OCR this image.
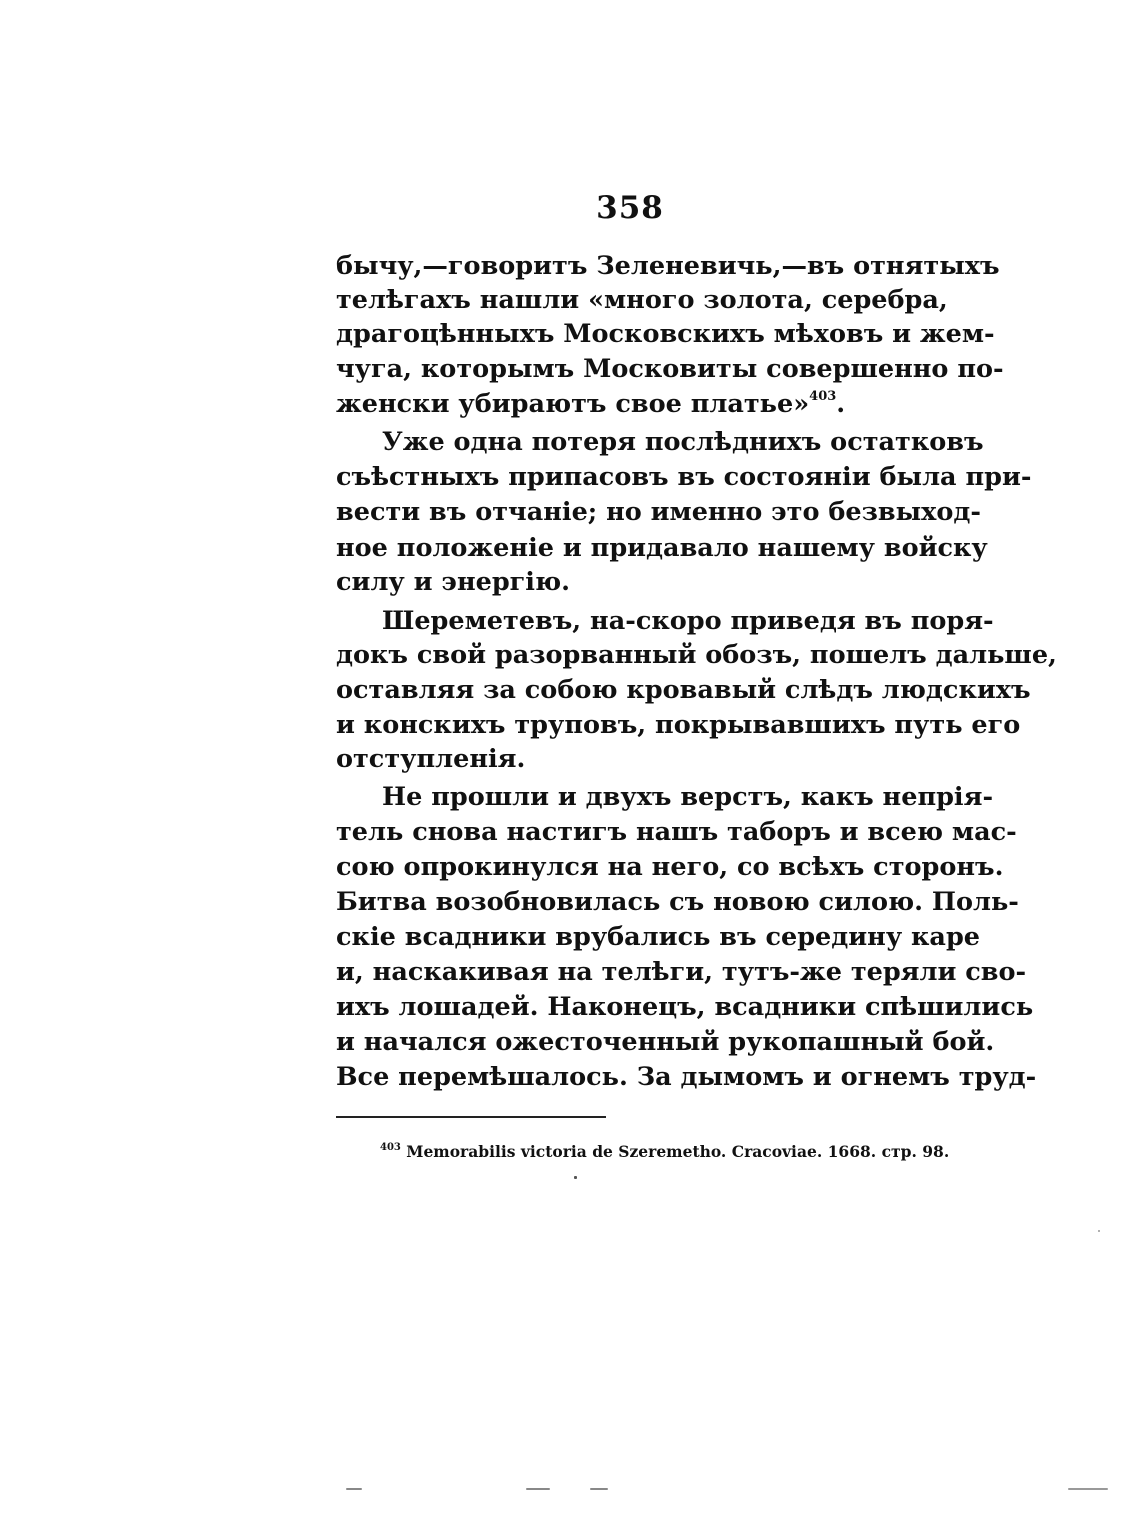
358
бычу,—говоритъ Зеленевичь,—въ отнятыхъ
телѣгахъ нашли «много золота, серебра,
драгоцѣнныхъ Московскихъ мѣховъ и жем-
чуга, которымъ Москoвиты совершенно по-
женски убираютъ свое платье»$^{403}$.
Уже одна потеря послѣднихъ остатковъ
съѣстныхъ припасовъ въ состоянiи была при-
вести въ отчанiе; но именно это безвыход-
ное положенiе и придавало нашему войску
силу и энергiю.
Шереметевъ, на-скоро приведя въ поря-
докъ свой разорванный обозъ, пошелъ дальше,
оставляя за собою кровавый слѣдъ людскихъ
и конскихъ труповъ, покрывавшихъ путь его
отступленiя.
Не прошли и двухъ верстъ, какъ непрiя-
тель снова настигъ нашъ таборъ и всею мас-
сою опрокинулся на него, со всѣхъ сторонъ.
Битва возобновилась съ новою силою. Поль-
скiе всадники врубались въ середину каре
и, наскакивая на телѣги, тутъ-же теряли сво-
ихъ лошадей. Наконецъ, всадники спѣшились
и начался ожесточенный рукопашный бой.
Все перемѣшалось. За дымомъ и огнемъ труд-
$^{403}$ Memorabilis victoria de Szeremetho. Cracoviae. 1668. стр. 98.
